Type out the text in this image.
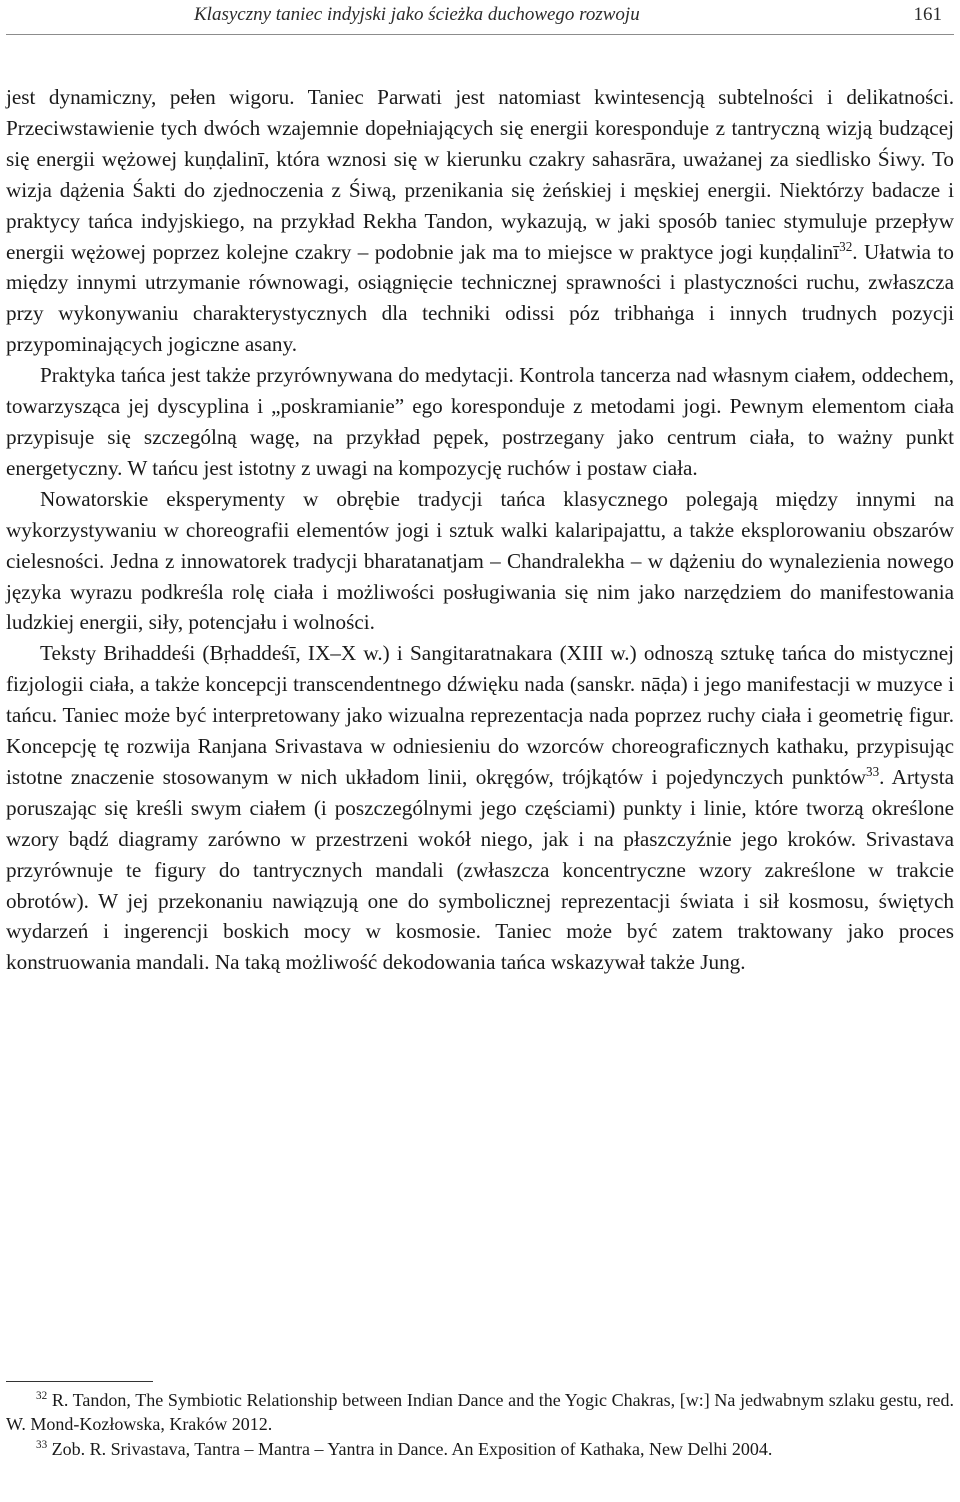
Klasyczny taniec indyjski jako ścieżka duchowego rozwoju	161

jest dynamiczny, pełen wigoru. Taniec Parwati jest natomiast kwintesencją subtelności i delikatności. Przeciwstawienie tych dwóch wzajemnie dopełniających się energii koresponduje z tantryczną wizją budzącej się energii wężowej kuṇḍalinī, która wznosi się w kierunku czakry sahasrāra, uważanej za siedlisko Śiwy. To wizja dążenia Śakti do zjednoczenia z Śiwą, przenikania się żeńskiej i męskiej energii. Niektórzy badacze i praktycy tańca indyjskiego, na przykład Rekha Tandon, wykazują, w jaki sposób taniec stymuluje przepływ energii wężowej poprzez kolejne czakry – podobnie jak ma to miejsce w praktyce jogi kuṇḍalinī$^{32}$. Ułatwia to między innymi utrzymanie równowagi, osiągnięcie technicznej sprawności i plastyczności ruchu, zwłaszcza przy wykonywaniu charakterystycznych dla techniki odissi póz tribhaṅga i innych trudnych pozycji przypominających jogiczne asany.

Praktyka tańca jest także przyrównywana do medytacji. Kontrola tancerza nad własnym ciałem, oddechem, towarzysząca jej dyscyplina i „poskramianie” ego koresponduje z metodami jogi. Pewnym elementom ciała przypisuje się szczególną wagę, na przykład pępek, postrzegany jako centrum ciała, to ważny punkt energetyczny. W tańcu jest istotny z uwagi na kompozycję ruchów i postaw ciała.

Nowatorskie eksperymenty w obrębie tradycji tańca klasycznego polegają między innymi na wykorzystywaniu w choreografii elementów jogi i sztuk walki kalaripajattu, a także eksplorowaniu obszarów cielesności. Jedna z innowatorek tradycji bharatanatjam – Chandralekha – w dążeniu do wynalezienia nowego języka wyrazu podkreśla rolę ciała i możliwości posługiwania się nim jako narzędziem do manifestowania ludzkiej energii, siły, potencjału i wolności.

Teksty Brihaddeśi (Bṛhaddeśī, IX–X w.) i Sangitaratnakara (XIII w.) odnoszą sztukę tańca do mistycznej fizjologii ciała, a także koncepcji transcendentnego dźwięku nada (sanskr. nāḍa) i jego manifestacji w muzyce i tańcu. Taniec może być interpretowany jako wizualna reprezentacja nada poprzez ruchy ciała i geometrię figur. Koncepcję tę rozwija Ranjana Srivastava w odniesieniu do wzorców choreograficznych kathaku, przypisując istotne znaczenie stosowanym w nich układom linii, okręgów, trójkątów i pojedynczych punktów$^{33}$. Artysta poruszając się kreśli swym ciałem (i poszczególnymi jego częściami) punkty i linie, które tworzą określone wzory bądź diagramy zarówno w przestrzeni wokół niego, jak i na płaszczyźnie jego kroków. Srivastava przyrównuje te figury do tantrycznych mandali (zwłaszcza koncentryczne wzory zakreślone w trakcie obrotów). W jej przekonaniu nawiązują one do symbolicznej reprezentacji świata i sił kosmosu, świętych wydarzeń i ingerencji boskich mocy w kosmosie. Taniec może być zatem traktowany jako proces konstruowania mandali. Na taką możliwość dekodowania tańca wskazywał także Jung.

$^{32}$ R. Tandon, The Symbiotic Relationship between Indian Dance and the Yogic Chakras, [w:] Na jedwabnym szlaku gestu, red. W. Mond-Kozłowska, Kraków 2012.

$^{33}$ Zob. R. Srivastava, Tantra – Mantra – Yantra in Dance. An Exposition of Kathaka, New Delhi 2004.
